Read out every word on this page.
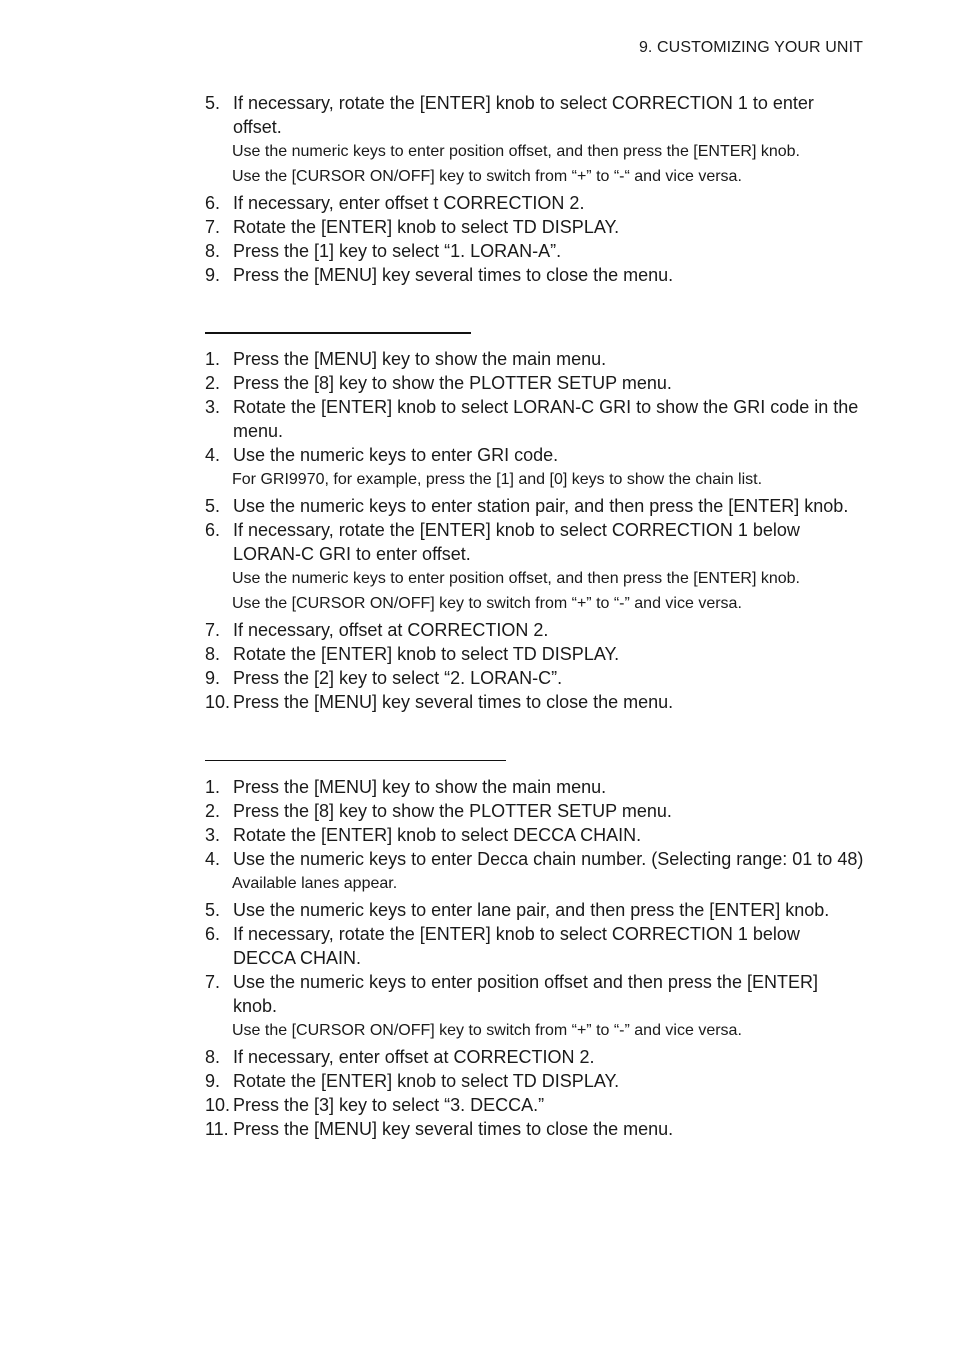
9. CUSTOMIZING YOUR UNIT
5. If necessary, rotate the [ENTER] knob to select CORRECTION 1 to enter offset.
Use the numeric keys to enter position offset, and then press the [ENTER] knob.
Use the [CURSOR ON/OFF] key to switch from “+” to “-“ and vice versa.
6. If necessary, enter offset t CORRECTION 2.
7. Rotate the [ENTER] knob to select TD DISPLAY.
8. Press the [1] key to select “1. LORAN-A”.
9. Press the [MENU] key several times to close the menu.
1. Press the [MENU] key to show the main menu.
2. Press the [8] key to show the PLOTTER SETUP menu.
3. Rotate the [ENTER] knob to select LORAN-C GRI to show the GRI code in the menu.
4. Use the numeric keys to enter GRI code.
For GRI9970, for example, press the [1] and [0] keys to show the chain list.
5. Use the numeric keys to enter station pair, and then press the [ENTER] knob.
6. If necessary, rotate the [ENTER] knob to select CORRECTION 1 below LORAN-C GRI to enter offset.
Use the numeric keys to enter position offset, and then press the [ENTER] knob.
Use the [CURSOR ON/OFF] key to switch from “+” to “-” and vice versa.
7. If necessary, offset at CORRECTION 2.
8. Rotate the [ENTER] knob to select TD DISPLAY.
9. Press the [2] key to select “2. LORAN-C”.
10. Press the [MENU] key several times to close the menu.
1. Press the [MENU] key to show the main menu.
2. Press the [8] key to show the PLOTTER SETUP menu.
3. Rotate the [ENTER] knob to select DECCA CHAIN.
4. Use the numeric keys to enter Decca chain number. (Selecting range: 01 to 48)
Available lanes appear.
5. Use the numeric keys to enter lane pair, and then press the [ENTER] knob.
6. If necessary, rotate the [ENTER] knob to select CORRECTION 1 below DECCA CHAIN.
7. Use the numeric keys to enter position offset and then press the [ENTER] knob.
Use the [CURSOR ON/OFF] key to switch from “+” to “-” and vice versa.
8. If necessary, enter offset at CORRECTION 2.
9. Rotate the [ENTER] knob to select TD DISPLAY.
10. Press the [3] key to select “3. DECCA.”
11. Press the [MENU] key several times to close the menu.
